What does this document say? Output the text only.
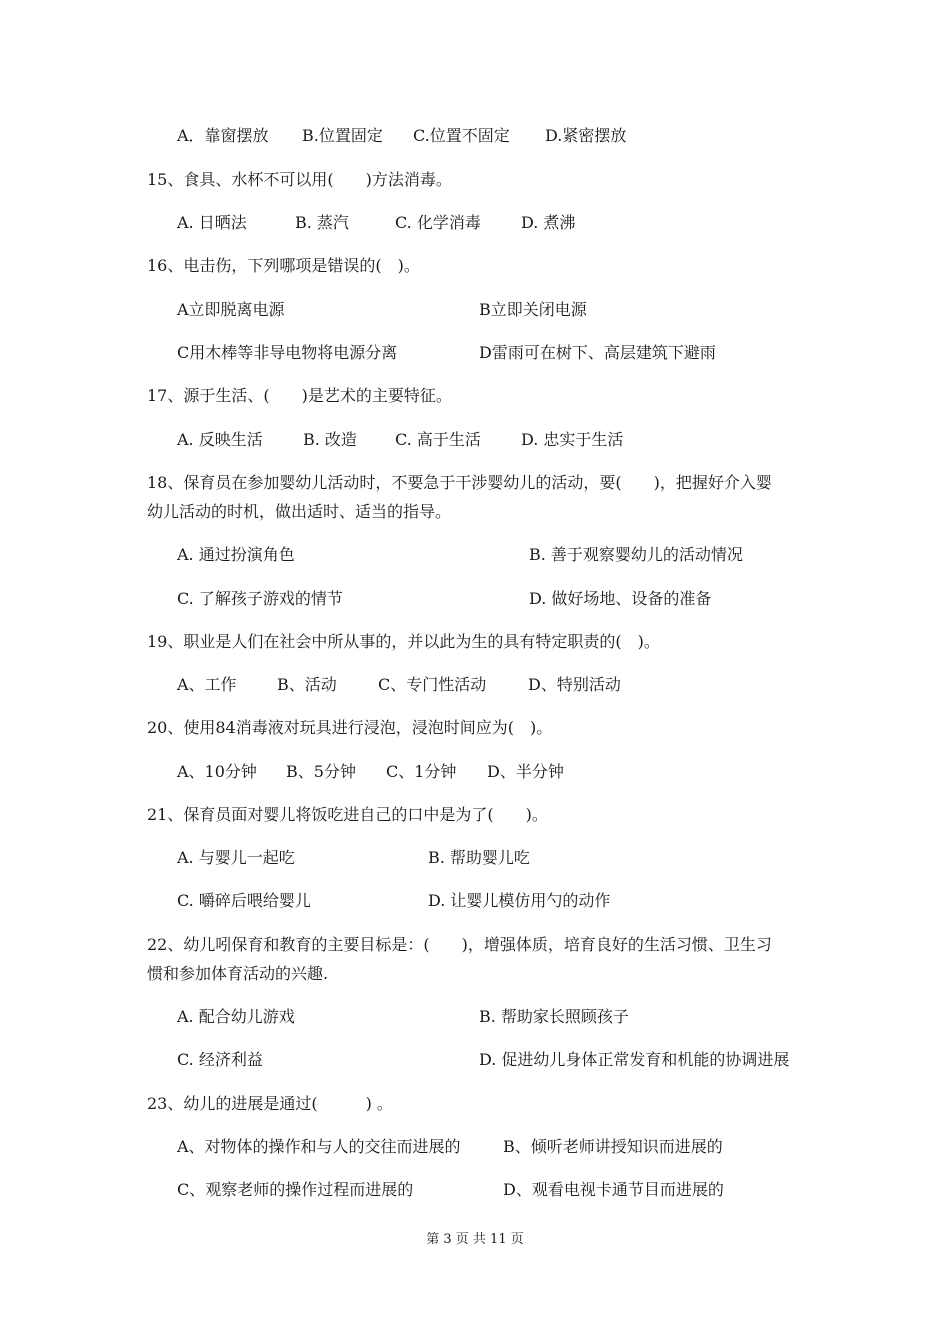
A．靠窗摆放 B.位置固定 C.位置不固定 D.紧密摆放
15、食具、水杯不可以用(　　)方法消毒。
A. 日晒法	B. 蒸汽	C. 化学消毒	D. 煮沸
16、电击伤，下列哪项是错误的(　)。
A立即脱离电源	B立即关闭电源
C用木棒等非导电物将电源分离	D雷雨可在树下、高层建筑下避雨
17、源于生活、(　　)是艺术的主要特征。
A. 反映生活	B. 改造 C. 高于生活	D. 忠实于生活
18、保育员在参加婴幼儿活动时，不要急于干涉婴幼儿的活动，要(　　)，把握好介入婴
幼儿活动的时机，做出适时、适当的指导。
A. 通过扮演角色	B. 善于观察婴幼儿的活动情况
C. 了解孩子游戏的情节	D. 做好场地、设备的准备
19、职业是人们在社会中所从事的，并以此为生的具有特定职责的(　)。
A、工作	B、活动	C、专门性活动	D、特别活动
20、使用84消毒液对玩具进行浸泡，浸泡时间应为(　)。
A、10分钟 B、5分钟 C、1分钟 D、半分钟
21、保育员面对婴儿将饭吃进自己的口中是为了(　　)。
A. 与婴儿一起吃	B. 帮助婴儿吃
C. 嚼碎后喂给婴儿	D. 让婴儿模仿用勺的动作
22、幼儿吲保育和教育的主要目标是：(　　)，增强体质，培育良好的生活习惯、卫生习
惯和参加体育活动的兴趣.
A. 配合幼儿游戏	B. 帮助家长照顾孩子
C. 经济利益	D. 促进幼儿身体正常发育和机能的协调进展
23、幼儿的进展是通过(　　　) 。
A、对物体的操作和与人的交往而进展的	B、倾听老师讲授知识而进展的
C、观察老师的操作过程而进展的	D、观看电视卡通节目而进展的
第 3 页 共 11 页
